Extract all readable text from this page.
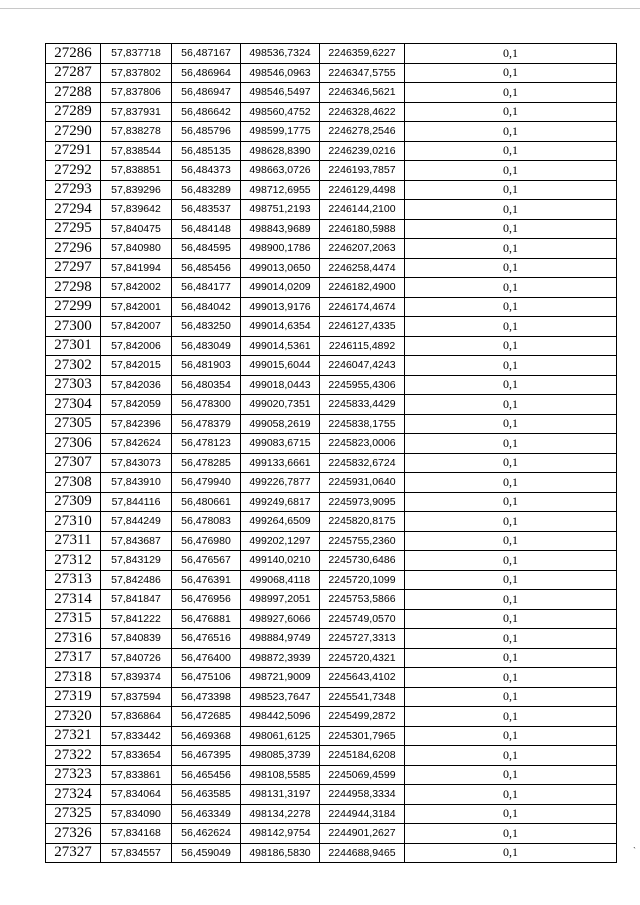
27286	57,837718	56,487167	498536,7324	2246359,6227	0,1
27287	57,837802	56,486964	498546,0963	2246347,5755	0,1
27288	57,837806	56,486947	498546,5497	2246346,5621	0,1
27289	57,837931	56,486642	498560,4752	2246328,4622	0,1
27290	57,838278	56,485796	498599,1775	2246278,2546	0,1
27291	57,838544	56,485135	498628,8390	2246239,0216	0,1
27292	57,838851	56,484373	498663,0726	2246193,7857	0,1
27293	57,839296	56,483289	498712,6955	2246129,4498	0,1
27294	57,839642	56,483537	498751,2193	2246144,2100	0,1
27295	57,840475	56,484148	498843,9689	2246180,5988	0,1
27296	57,840980	56,484595	498900,1786	2246207,2063	0,1
27297	57,841994	56,485456	499013,0650	2246258,4474	0,1
27298	57,842002	56,484177	499014,0209	2246182,4900	0,1
27299	57,842001	56,484042	499013,9176	2246174,4674	0,1
27300	57,842007	56,483250	499014,6354	2246127,4335	0,1
27301	57,842006	56,483049	499014,5361	2246115,4892	0,1
27302	57,842015	56,481903	499015,6044	2246047,4243	0,1
27303	57,842036	56,480354	499018,0443	2245955,4306	0,1
27304	57,842059	56,478300	499020,7351	2245833,4429	0,1
27305	57,842396	56,478379	499058,2619	2245838,1755	0,1
27306	57,842624	56,478123	499083,6715	2245823,0006	0,1
27307	57,843073	56,478285	499133,6661	2245832,6724	0,1
27308	57,843910	56,479940	499226,7877	2245931,0640	0,1
27309	57,844116	56,480661	499249,6817	2245973,9095	0,1
27310	57,844249	56,478083	499264,6509	2245820,8175	0,1
27311	57,843687	56,476980	499202,1297	2245755,2360	0,1
27312	57,843129	56,476567	499140,0210	2245730,6486	0,1
27313	57,842486	56,476391	499068,4118	2245720,1099	0,1
27314	57,841847	56,476956	498997,2051	2245753,5866	0,1
27315	57,841222	56,476881	498927,6066	2245749,0570	0,1
27316	57,840839	56,476516	498884,9749	2245727,3313	0,1
27317	57,840726	56,476400	498872,3939	2245720,4321	0,1
27318	57,839374	56,475106	498721,9009	2245643,4102	0,1
27319	57,837594	56,473398	498523,7647	2245541,7348	0,1
27320	57,836864	56,472685	498442,5096	2245499,2872	0,1
27321	57,833442	56,469368	498061,6125	2245301,7965	0,1
27322	57,833654	56,467395	498085,3739	2245184,6208	0,1
27323	57,833861	56,465456	498108,5585	2245069,4599	0,1
27324	57,834064	56,463585	498131,3197	2244958,3334	0,1
27325	57,834090	56,463349	498134,2278	2244944,3184	0,1
27326	57,834168	56,462624	498142,9754	2244901,2627	0,1
27327	57,834557	56,459049	498186,5830	2244688,9465	0,1	`
